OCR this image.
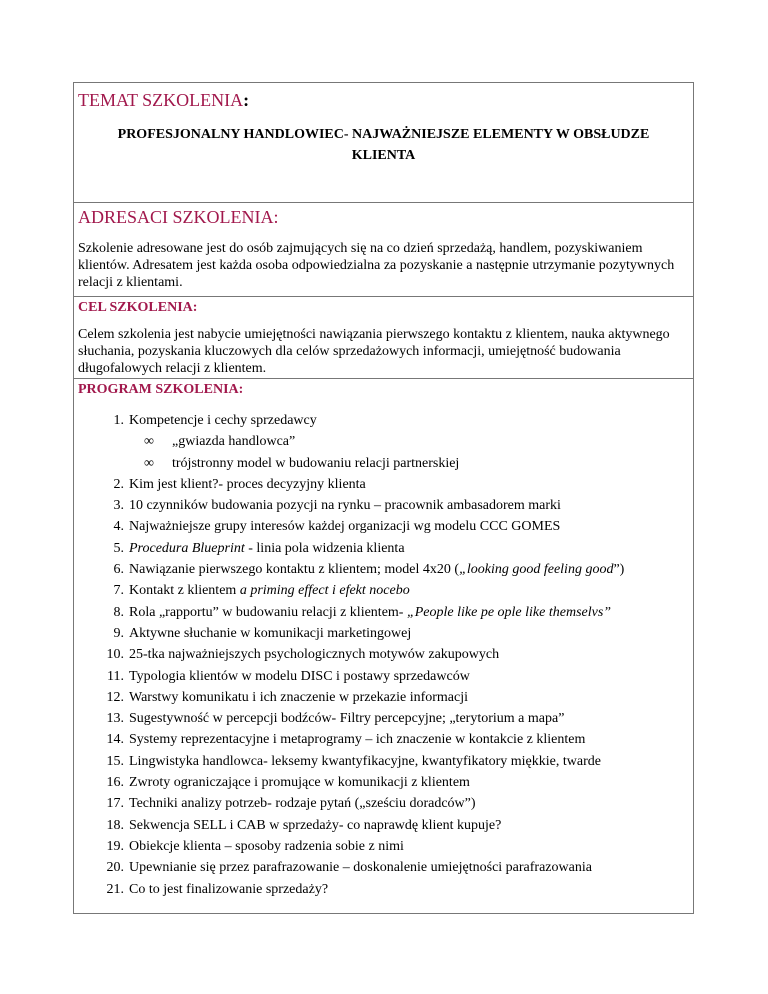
TEMAT SZKOLENIA:

PROFESJONALNY HANDLOWIEC- NAJWAŻNIEJSZE ELEMENTY W OBSŁUDZE
KLIENTA

ADRESACI SZKOLENIA:

Szkolenie adresowane jest do osób zajmujących się na co dzień sprzedażą, handlem, pozyskiwaniem klientów. Adresatem jest każda osoba odpowiedzialna za pozyskanie a następnie utrzymanie pozytywnych relacji z klientami.

CEL SZKOLENIA:

Celem szkolenia jest nabycie umiejętności nawiązania pierwszego kontaktu z klientem, nauka aktywnego słuchania, pozyskania kluczowych dla celów sprzedażowych informacji, umiejętność budowania długofalowych relacji z klientem.

PROGRAM SZKOLENIA:
1. Kompetencje i cechy sprzedawcy
∞ „gwiazda handlowca”
∞ trójstronny model w budowaniu relacji partnerskiej
2. Kim jest klient?- proces decyzyjny klienta
3. 10 czynników budowania pozycji na rynku – pracownik ambasadorem marki
4. Najważniejsze grupy interesów każdej organizacji wg modelu CCC GOMES
5. Procedura Blueprint - linia pola widzenia klienta
6. Nawiązanie pierwszego kontaktu z klientem; model 4x20 („looking good feeling good”)
7. Kontakt z klientem a priming effect i efekt nocebo
8. Rola „rapportu” w budowaniu relacji z klientem- „People like pe ople like themselvs”
9. Aktywne słuchanie w komunikacji marketingowej
10. 25-tka najważniejszych psychologicznych motywów zakupowych
11. Typologia klientów w modelu DISC i postawy sprzedawców
12. Warstwy komunikatu i ich znaczenie w przekazie informacji
13. Sugestywność w percepcji bodźców- Filtry percepcyjne; „terytorium a mapa”
14. Systemy reprezentacyjne i metaprogramy – ich znaczenie w kontakcie z klientem
15. Lingwistyka handlowca- leksemy kwantyfikacyjne, kwantyfikatory miękkie, twarde
16. Zwroty ograniczające i promujące w komunikacji z klientem
17. Techniki analizy potrzeb- rodzaje pytań („sześciu doradców”)
18. Sekwencja SELL i CAB w sprzedaży- co naprawdę klient kupuje?
19. Obiekcje klienta – sposoby radzenia sobie z nimi
20. Upewnianie się przez parafrazowanie – doskonalenie umiejętności parafrazowania
21. Co to jest finalizowanie sprzedaży?
